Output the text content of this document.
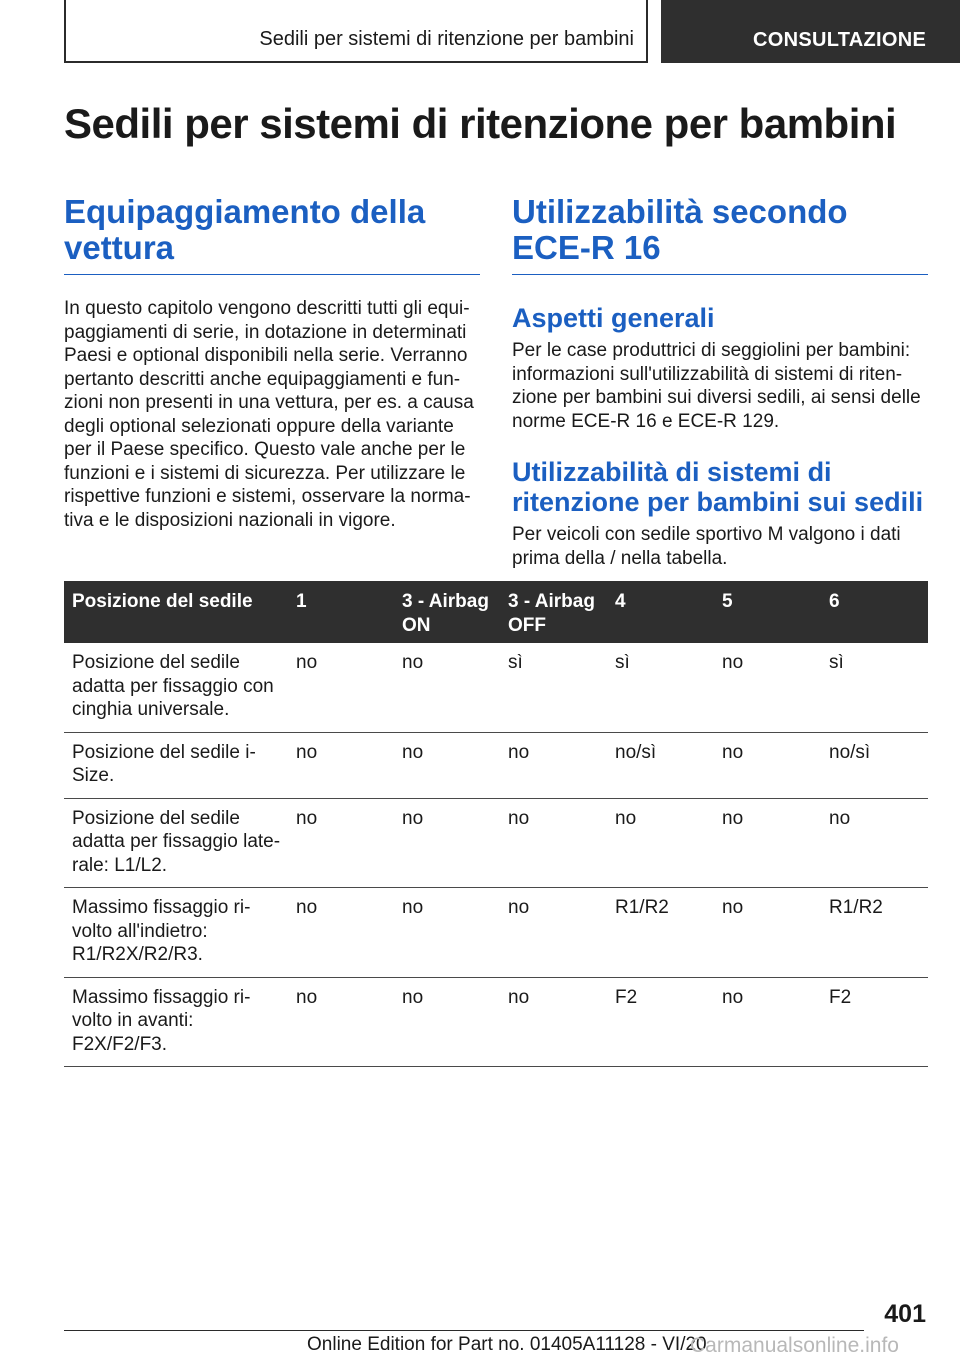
Sedili per sistemi di ritenzione per bambini	CONSULTAZIONE
Sedili per sistemi di ritenzione per bambini
Equipaggiamento della vettura

In questo capitolo vengono descritti tutti gli equipaggiamenti di serie, in dotazione in determinati Paesi e optional disponibili nella serie. Verranno pertanto descritti anche equipaggiamenti e funzioni non presenti in una vettura, per es. a causa degli optional selezionati oppure della variante per il Paese specifico. Questo vale anche per le funzioni e i sistemi di sicurezza. Per utilizzare le rispettive funzioni e sistemi, osservare la normativa e le disposizioni nazionali in vigore.

Utilizzabilità secondo ECE-R 16
Aspetti generali

Per le case produttrici di seggiolini per bambini: informazioni sull'utilizzabilità di sistemi di ritenzione per bambini sui diversi sedili, ai sensi delle norme ECE-R 16 e ECE-R 129.

Utilizzabilità di sistemi di ritenzione per bambini sui sedili

Per veicoli con sedile sportivo M valgono i dati prima della / nella tabella.

Posizione del sedile	1	3 - Airbag ON	3 - Airbag OFF	4	5	6
Posizione del sedile adatta per fissaggio con cinghia universale.	no	no	sì	sì	no	sì
Posizione del sedile i-Size.	no	no	no	no/sì	no	no/sì
Posizione del sedile adatta per fissaggio laterale: L1/L2.	no	no	no	no	no	no
Massimo fissaggio rivolto all'indietro: R1/R2X/R2/R3.	no	no	no	R1/R2	no	R1/R2
Massimo fissaggio rivolto in avanti: F2X/F2/F3.	no	no	no	F2	no	F2
401
Online Edition for Part no. 01405A11128 - VI/20
Carmanualsonline.info
